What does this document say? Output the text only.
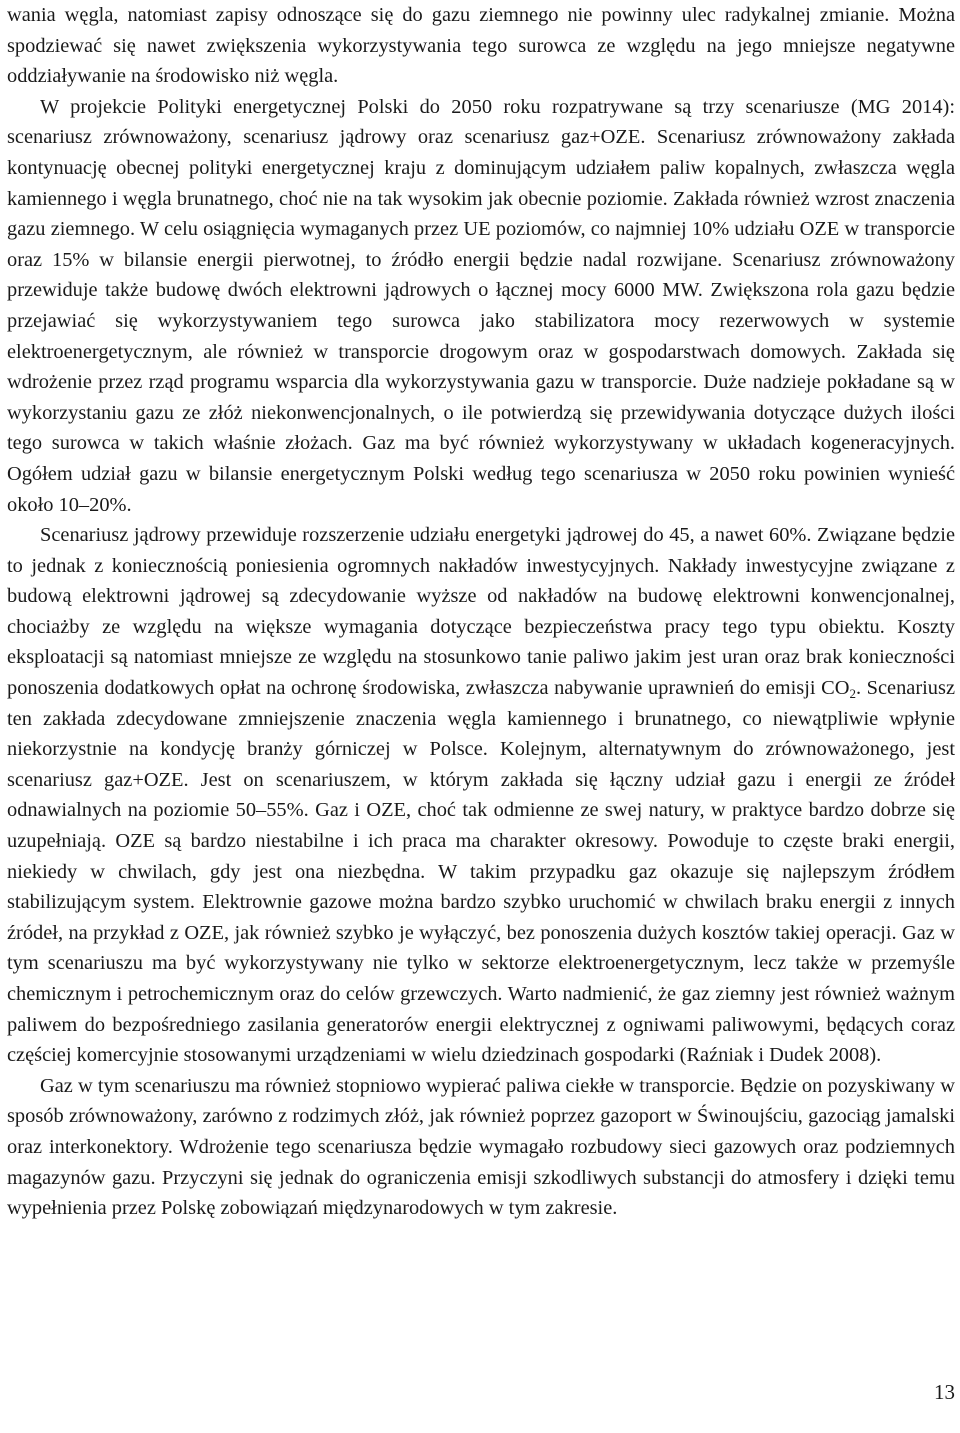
wania węgla, natomiast zapisy odnoszące się do gazu ziemnego nie powinny ulec radykalnej zmianie. Można spodziewać się nawet zwiększenia wykorzystywania tego surowca ze względu na jego mniejsze negatywne oddziaływanie na środowisko niż węgla.

W projekcie Polityki energetycznej Polski do 2050 roku rozpatrywane są trzy scenariusze (MG 2014): scenariusz zrównoważony, scenariusz jądrowy oraz scenariusz gaz+OZE. Scenariusz zrównoważony zakłada kontynuację obecnej polityki energetycznej kraju z dominującym udziałem paliw kopalnych, zwłaszcza węgla kamiennego i węgla brunatnego, choć nie na tak wysokim jak obecnie poziomie. Zakłada również wzrost znaczenia gazu ziemnego. W celu osiągnięcia wymaganych przez UE poziomów, co najmniej 10% udziału OZE w transporcie oraz 15% w bilansie energii pierwotnej, to źródło energii będzie nadal rozwijane. Scenariusz zrównoważony przewiduje także budowę dwóch elektrowni jądrowych o łącznej mocy 6000 MW. Zwiększona rola gazu będzie przejawiać się wykorzystywaniem tego surowca jako stabilizatora mocy rezerwowych w systemie elektroenergetycznym, ale również w transporcie drogowym oraz w gospodarstwach domowych. Zakłada się wdrożenie przez rząd programu wsparcia dla wykorzystywania gazu w transporcie. Duże nadzieje pokładane są w wykorzystaniu gazu ze złóż niekonwencjonalnych, o ile potwierdzą się przewidywania dotyczące dużych ilości tego surowca w takich właśnie złożach. Gaz ma być również wykorzystywany w układach kogeneracyjnych. Ogółem udział gazu w bilansie energetycznym Polski według tego scenariusza w 2050 roku powinien wynieść około 10–20%.

Scenariusz jądrowy przewiduje rozszerzenie udziału energetyki jądrowej do 45, a nawet 60%. Związane będzie to jednak z koniecznością poniesienia ogromnych nakładów inwestycyjnych. Nakłady inwestycyjne związane z budową elektrowni jądrowej są zdecydowanie wyższe od nakładów na budowę elektrowni konwencjonalnej, chociażby ze względu na większe wymagania dotyczące bezpieczeństwa pracy tego typu obiektu. Koszty eksploatacji są natomiast mniejsze ze względu na stosunkowo tanie paliwo jakim jest uran oraz brak konieczności ponoszenia dodatkowych opłat na ochronę środowiska, zwłaszcza nabywanie uprawnień do emisji $CO_2$. Scenariusz ten zakłada zdecydowane zmniejszenie znaczenia węgla kamiennego i brunatnego, co niewątpliwie wpłynie niekorzystnie na kondycję branży górniczej w Polsce. Kolejnym, alternatywnym do zrównoważonego, jest scenariusz gaz+OZE. Jest on scenariuszem, w którym zakłada się łączny udział gazu i energii ze źródeł odnawialnych na poziomie 50–55%. Gaz i OZE, choć tak odmienne ze swej natury, w praktyce bardzo dobrze się uzupełniają. OZE są bardzo niestabilne i ich praca ma charakter okresowy. Powoduje to częste braki energii, niekiedy w chwilach, gdy jest ona niezbędna. W takim przypadku gaz okazuje się najlepszym źródłem stabilizującym system. Elektrownie gazowe można bardzo szybko uruchomić w chwilach braku energii z innych źródeł, na przykład z OZE, jak również szybko je wyłączyć, bez ponoszenia dużych kosztów takiej operacji. Gaz w tym scenariuszu ma być wykorzystywany nie tylko w sektorze elektroenergetycznym, lecz także w przemyśle chemicznym i petrochemicznym oraz do celów grzewczych. Warto nadmienić, że gaz ziemny jest również ważnym paliwem do bezpośredniego zasilania generatorów energii elektrycznej z ogniwami paliwowymi, będących coraz częściej komercyjnie stosowanymi urządzeniami w wielu dziedzinach gospodarki (Raźniak i Dudek 2008).

Gaz w tym scenariuszu ma również stopniowo wypierać paliwa ciekłe w transporcie. Będzie on pozyskiwany w sposób zrównoważony, zarówno z rodzimych złóż, jak również poprzez gazoport w Świnoujściu, gazociąg jamalski oraz interkonektory. Wdrożenie tego scenariusza będzie wymagało rozbudowy sieci gazowych oraz podziemnych magazynów gazu. Przyczyni się jednak do ograniczenia emisji szkodliwych substancji do atmosfery i dzięki temu wypełnienia przez Polskę zobowiązań międzynarodowych w tym zakresie.

13
